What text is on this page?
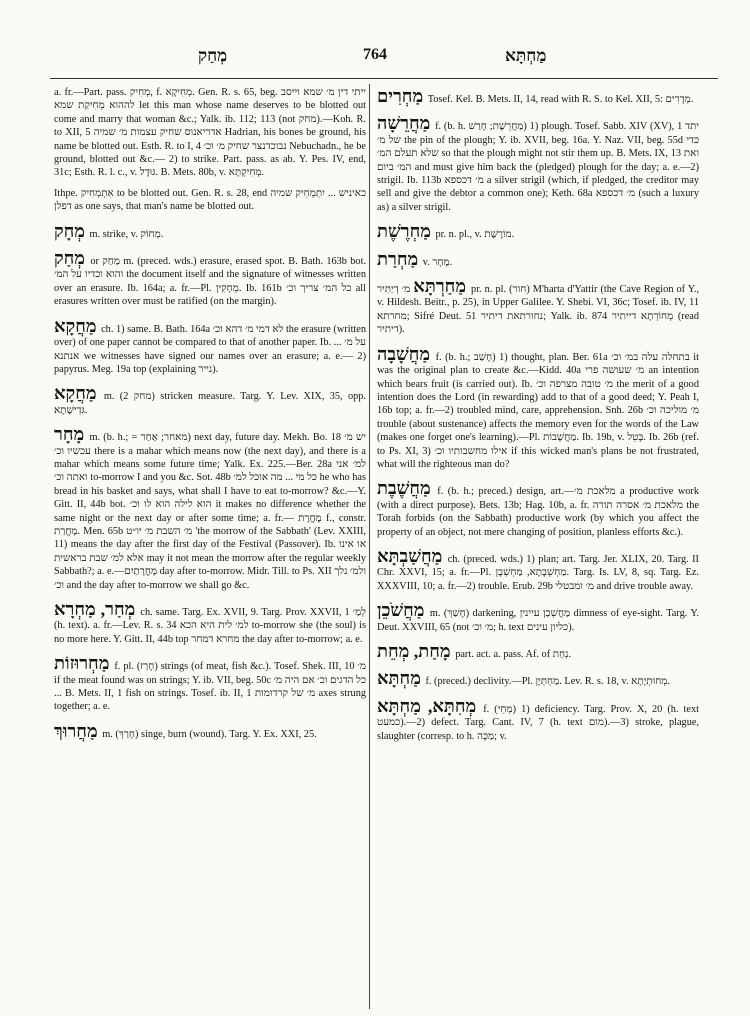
מְחַק	764	מַחְתָּא

a. fr.—Part. pass. מְחִיק, f. מְחִיקָא. Gen. R. s. 65, beg. ייתי דין מ׳ שמא וייסב לההוא מְחִיקַת שמא let this man whose name deserves to be blotted out come and marry that woman &c.; Yalk. ib. 112; 113 (not מחק).—Koh. R. to XII, 5 אדריאנוס שחיק עצמות מ׳ שמיה Hadrian, his bones be ground, his name be blotted out. Esth. R. to I, 4 נבוכדנצר שחיק מ׳ וכ׳ Nebuchadn., he be ground, blotted out &c.— 2) to strike. Part. pass. as ab. Y. Pes. IV, end, 31c; Esth. R. l. c., v. גּוּדָל. B. Mets. 80b, v. מְחִיקְתָּא.

Ithpe. אִתְמְחִיק to be blotted out. Gen. R. s. 28, end כאיניש ... יִתְמְחֵיק שמיה דפלן as one says, that man's name be blotted out.

מְחָק m. strike, v. מְחוֹק.

מְחַק or מַחַק m. (preced. wds.) erasure, erased spot. B. Bath. 163b bot. והוא וכדיו על המ׳ the document itself and the signature of witnesses written over an erasure. Ib. 164a; a. fr.—Pl. מְחָקִין. Ib. 161b כל המ׳ צריך וכ׳ all erasures written over must be ratified (on the margin).

מַחֲקָא ch. 1) same. B. Bath. 164a לא דמי מ׳ דהא וכ׳ the erasure (written over) of one paper cannot be compared to that of another paper. Ib. ... על מ׳ אנתנא we witnesses have signed our names over an erasure; a. e.— 2) papyrus. Meg. 19a top (explaining נייר).

מַחֲקָא m. (מחק 2) stricken measure. Targ. Y. Lev. XIX, 35, opp. גִּדְישָׁתָא.

מָחָר m. (b. h.; = מאחר; אַחַר) next day, future day. Mekh. Bo. 18 יש מ׳ עכשיו וכ׳ there is a mahar which means now (the next day), and there is a mahar which means some future time; Yalk. Ex. 225.—Ber. 28a למ׳ אני ואתה וכ׳ to-morrow I and you &c. Sot. 48b כל מי ... מה אוכל למ׳ he who has bread in his basket and says, what shall I have to eat to-morrow? &c.—Y. Gitt. II, 44b bot. הוא לילה הוא לו וכ׳ it makes no difference whether the same night or the next day or after some time; a. fr.— מָחֳרָת f., constr. מָחֳרַת. Men. 65b מ׳ השבת מ׳ יו״ט 'the morrow of the Sabbath' (Lev. XXIII, 11) means the day after the first day of the Festival (Passover). Ib. או אינו אלא למ׳ שבת בראשית may it not mean the morrow after the regular weekly Sabbath?; a. e.—מָחֳרָתַיִם day after to-morrow. Midr. Till. to Ps. XII ולמ׳ נלך וכ׳ and the day after to-morrow we shall go &c.

מְחַר, מַחְרָא ch. same. Targ. Ex. XVII, 9. Targ. Prov. XXVII, 1 לְמַ׳ (h. text). a. fr.—Lev. R. s. 34 למ׳ לית היא הכא to-morrow she (the soul) is no more here. Y. Gitt. II, 44b top מחרא דמחר the day after to-morrow; a. e.

מַחְרוּזוֹת f. pl. (חָרַז) strings (of meat, fish &c.). Tosef. Shek. III, 10 מ׳ if the meat found was on strings; Y. ib. VII, beg. 50c כל הדגים וכ׳ אם היה מ׳ ... B. Mets. II, 1 fish on strings. Tosef. ib. II, 1 מ׳ של קרדומות axes strung together; a. e.

מַחֲרוּךְ m. (חָרַךְ) singe, burn (wound). Targ. Y. Ex. XXI, 25.

מַחְרִים Tosef. Kel. B. Mets. II, 14, read with R. S. to Kel. XII, 5: מְדָרִים.

מַחֲרֵשָׁה f. (b. h. מַחֲרֵשָׁת; חָרַשׁ) 1) plough. Tosef. Sabb. XIV (XV), 1 יתד של מ׳ the pin of the plough; Y. ib. XVII, beg. 16a. Y. Naz. VII, beg. 55d כדי שלא תעלם המ׳ so that the plough might not stir them up. B. Mets. IX, 13 ואת המ׳ ביום and must give him back the (pledged) plough for the day; a. e.—2) strigil. Ib. 113b מ׳ דכספא a silver strigil (which, if pledged, the creditor may sell and give the debtor a common one); Keth. 68a מ׳ דכספא (such a luxury as) a silver strigil.

מַחְרֶשֶׁת pr. n. pl., v. מוֹרֶשֶׁת.

מַחְרַת v. מָחָר.

מַחַרְתָּא מ׳ דְיַתִּיר pr. n. pl. (חור) M'harta d'Yattir (the Cave Region of Y., v. Hildesh. Beitr., p. 25), in Upper Galilee. Y. Shebi. VI, 36c; Tosef. ib. IV, 11 מחרתא; Sifré Deut. 51 נחורתאת דיתיר; Yalk. ib. 874 מְחוֹרְתָא דייתיר (read דיתיר).

מַחֲשָׁבָה f. (b. h.; חָשַׁב) 1) thought, plan. Ber. 61a בתחלה עלה במ׳ וכ׳ it was the original plan to create &c.—Kidd. 40a מ׳ שעושה פרי an intention which bears fruit (is carried out). Ib. מ׳ טובה מצרפה וכ׳ the merit of a good intention does the Lord (in rewarding) add to that of a good deed; Y. Peah I, 16b top; a. fr.—2) troubled mind, care, apprehension. Snh. 26b מ׳ מוליכה וכ׳ trouble (about sustenance) affects the memory even for the words of the Law (makes one forget one's learning).—Pl. מַחֲשָׁבוֹת. Ib. 19b, v. בָּטֵל. Ib. 26b (ref. to Ps. XI, 3) אילו מחשבותיו וכ׳ if this wicked man's plans be not frustrated, what will the righteous man do?

מַחֲשֶׁבֶת f. (b. h.; preced.) design, art.—מלאכת מ׳ a productive work (with a direct purpose). Bets. 13b; Hag. 10b, a. fr. מלאכת מ׳ אסרה תורה the Torah forbids (on the Sabbath) productive work (by which you affect the property of an object, not mere changing of position, planless efforts &c.).

מַחֲשַׁבְתָּא ch. (preced. wds.) 1) plan; art. Targ. Jer. XLIX, 20. Targ. II Chr. XXVI, 15; a. fr.—Pl. מַחְשְׁבָתָא, מַחְשְׁבָן. Targ. Is. LV, 8, sq. Targ. Ez. XXXVIII, 10; a. fr.—2) trouble. Erub. 29b מ׳ ומבטלי and drive trouble away.

מַחֲשֹׁכֵן m. (חָשַׁךְ) darkening, מַחֲשְׁכַן עיינין dimness of eye-sight. Targ. Y. Deut. XXVIII, 65 (not מ׳ וכ׳; h. text כליון עינים).

מָחַת, מְחֵת part. act. a. pass. Af. of נְחַת.

מַחְתָּא f. (preced.) declivity.—Pl. מַחְתְּיָן. Lev. R. s. 18, v. מְחוּתְיָתָא.

מְחִתָּא, מַחְתָּא f. (מְחֵי) 1) deficiency. Targ. Prov. X, 20 (h. text כמעט).—2) defect. Targ. Cant. IV, 7 (h. text מום).—3) stroke, plague, slaughter (corresp. to h. מַכָּה; v.
